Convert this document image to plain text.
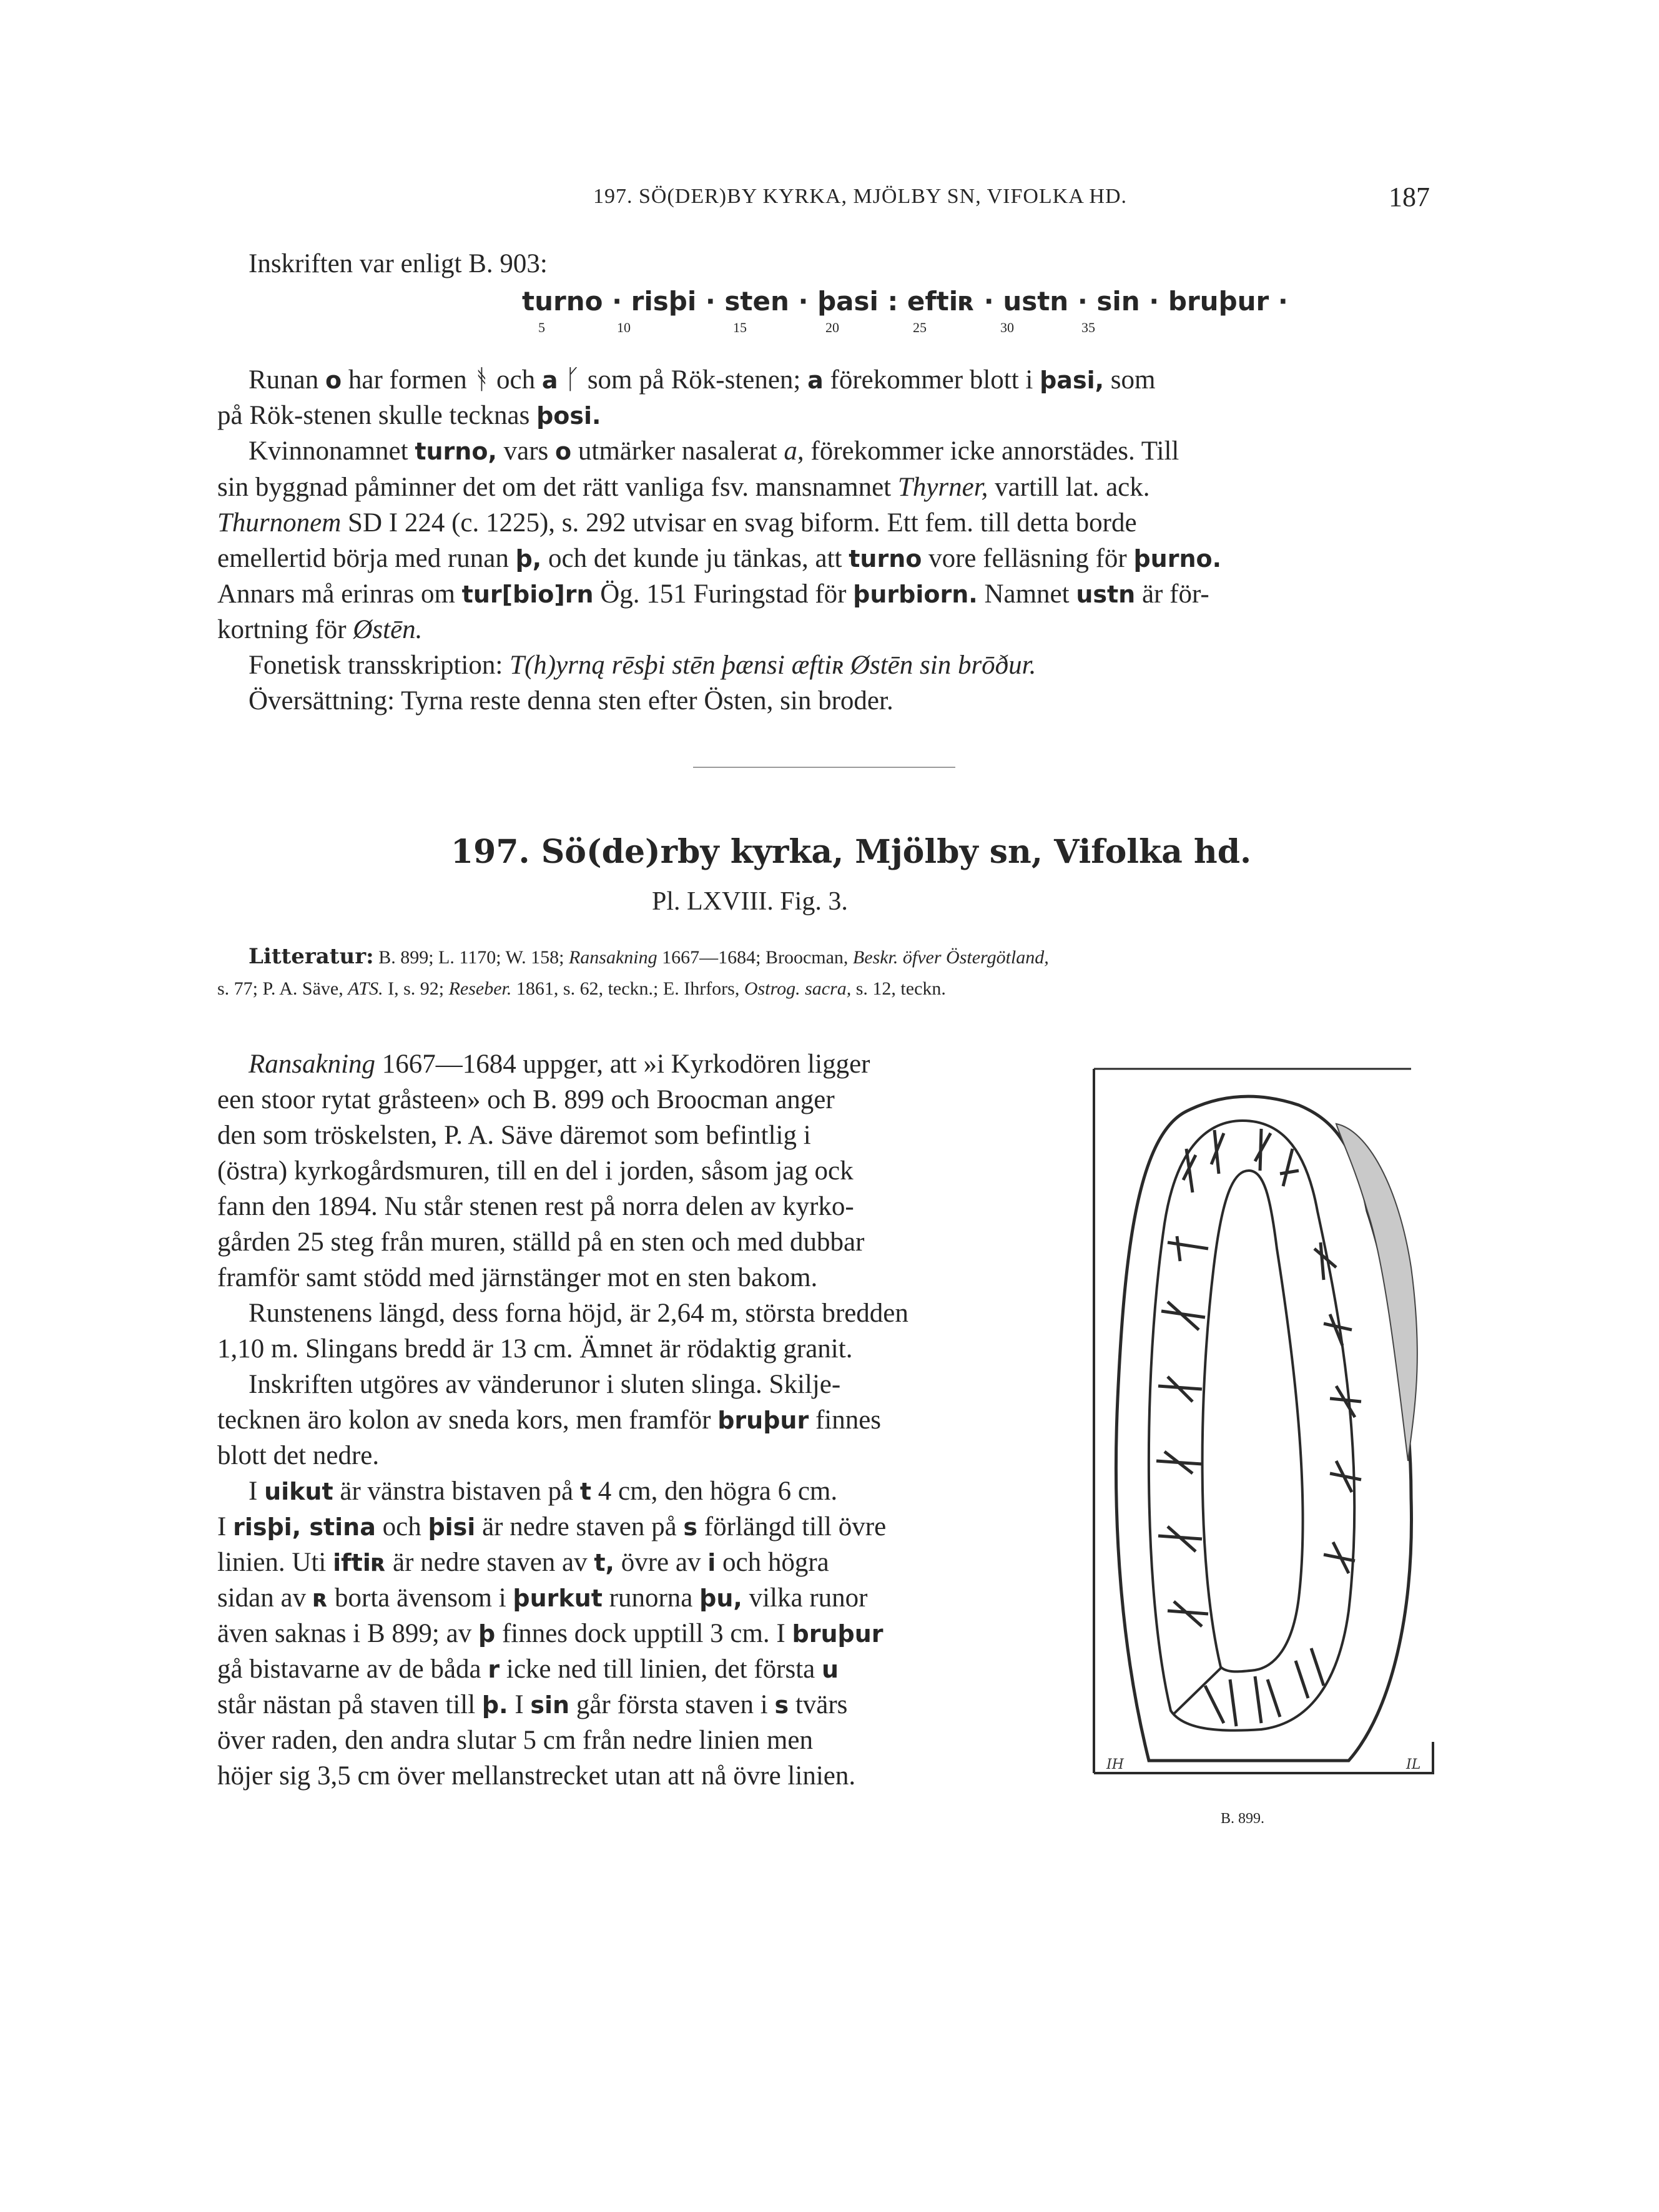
197. SÖ(DER)BY KYRKA, MJÖLBY SN, VIFOLKA HD.	187
Inskriften var enligt B. 903:
turno · risþi · sten · þasi : eftiʀ · ustn · sin · bruþur ·
5	10	15	20	25	30	35
Runan o har formen ᚬ och a ᚴ som på Rök-stenen; a förekommer blott i þasi, som
på Rök-stenen skulle tecknas þosi.
Kvinnonamnet turno, vars o utmärker nasalerat a, förekommer icke annorstädes. Till
sin byggnad påminner det om det rätt vanliga fsv. mansnamnet Thyrner, vartill lat. ack.
Thurnonem SD I 224 (c. 1225), s. 292 utvisar en svag biform. Ett fem. till detta borde
emellertid börja med runan þ, och det kunde ju tänkas, att turno vore felläsning för þurno.
Annars må erinras om tur[bio]rn Ög. 151 Furingstad för þurbiorn. Namnet ustn är för-
kortning för Østēn.
Fonetisk transskription: T(h)yrną rēsþi stēn þænsi æftiʀ Østēn sin brōður.
Översättning: Tyrna reste denna sten efter Östen, sin broder.
197. Sö(de)rby kyrka, Mjölby sn, Vifolka hd.
Pl. LXVIII. Fig. 3.
Litteratur: B. 899; L. 1170; W. 158; Ransakning 1667—1684; Broocman, Beskr. öfver Östergötland,
s. 77; P. A. Säve, ATS. I, s. 92; Reseber. 1861, s. 62, teckn.; E. Ihrfors, Ostrog. sacra, s. 12, teckn.
Ransakning 1667—1684 uppger, att »i Kyrkodören ligger
een stoor rytat gråsteen» och B. 899 och Broocman anger
den som tröskelsten, P. A. Säve däremot som befintlig i
(östra) kyrkogårdsmuren, till en del i jorden, såsom jag ock
fann den 1894. Nu står stenen rest på norra delen av kyrko-
gården 25 steg från muren, ställd på en sten och med dubbar
framför samt stödd med järnstänger mot en sten bakom.
Runstenens längd, dess forna höjd, är 2,64 m, största bredden
1,10 m. Slingans bredd är 13 cm. Ämnet är rödaktig granit.
Inskriften utgöres av vänderunor i sluten slinga. Skilje-
tecknen äro kolon av sneda kors, men framför bruþur finnes
blott det nedre.
I uikut är vänstra bistaven på t 4 cm, den högra 6 cm.
I risþi, stina och þisi är nedre staven på s förlängd till övre
linien. Uti iftiʀ är nedre staven av t, övre av i och högra
sidan av ʀ borta ävensom i þurkut runorna þu, vilka runor
även saknas i B 899; av þ finnes dock upptill 3 cm. I bruþur
gå bistavarne av de båda r icke ned till linien, det första u
står nästan på staven till þ. I sin går första staven i s tvärs
över raden, den andra slutar 5 cm från nedre linien men
höjer sig 3,5 cm över mellanstrecket utan att nå övre linien.	IH	IL
B. 899.
